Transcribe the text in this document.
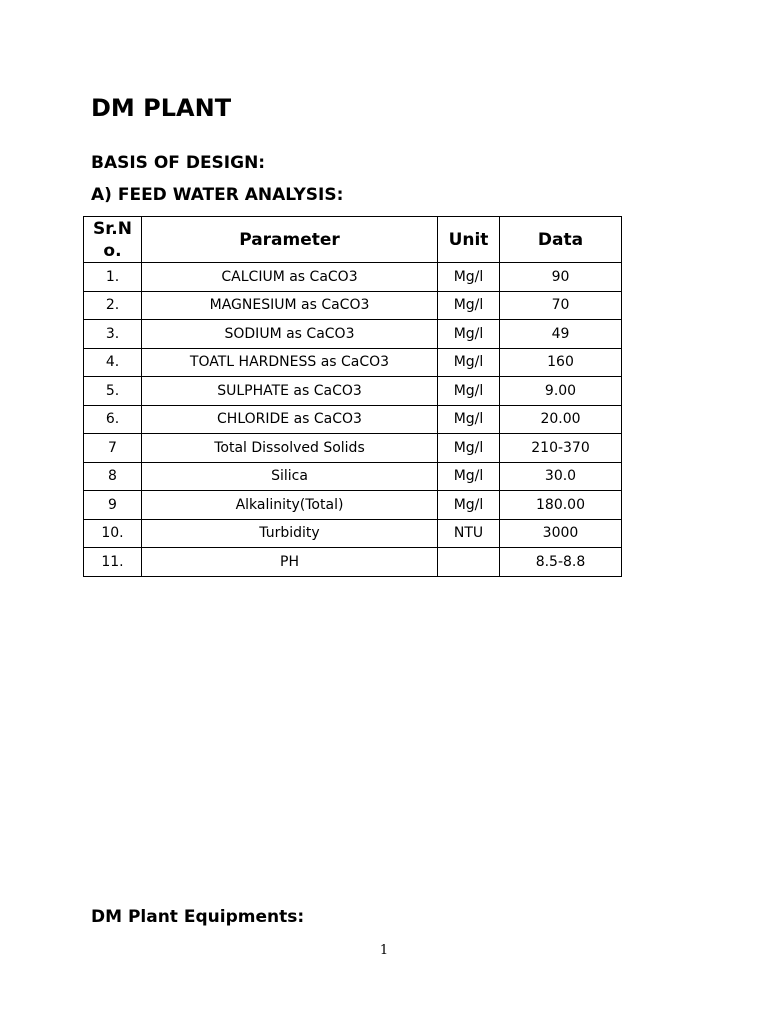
DM PLANT
BASIS OF DESIGN:
A) FEED WATER ANALYSIS:
Sr.N o.	Parameter	Unit	Data
1.	CALCIUM as CaCO3	Mg/l	90
2.	MAGNESIUM as CaCO3	Mg/l	70
3.	SODIUM as CaCO3	Mg/l	49
4.	TOATL HARDNESS as CaCO3	Mg/l	160
5.	SULPHATE as CaCO3	Mg/l	9.00
6.	CHLORIDE as CaCO3	Mg/l	20.00
7	Total Dissolved Solids	Mg/l	210-370
8	Silica	Mg/l	30.0
9	Alkalinity(Total)	Mg/l	180.00
10.	Turbidity	NTU	3000
11.	PH		8.5-8.8
DM Plant Equipments:
1
